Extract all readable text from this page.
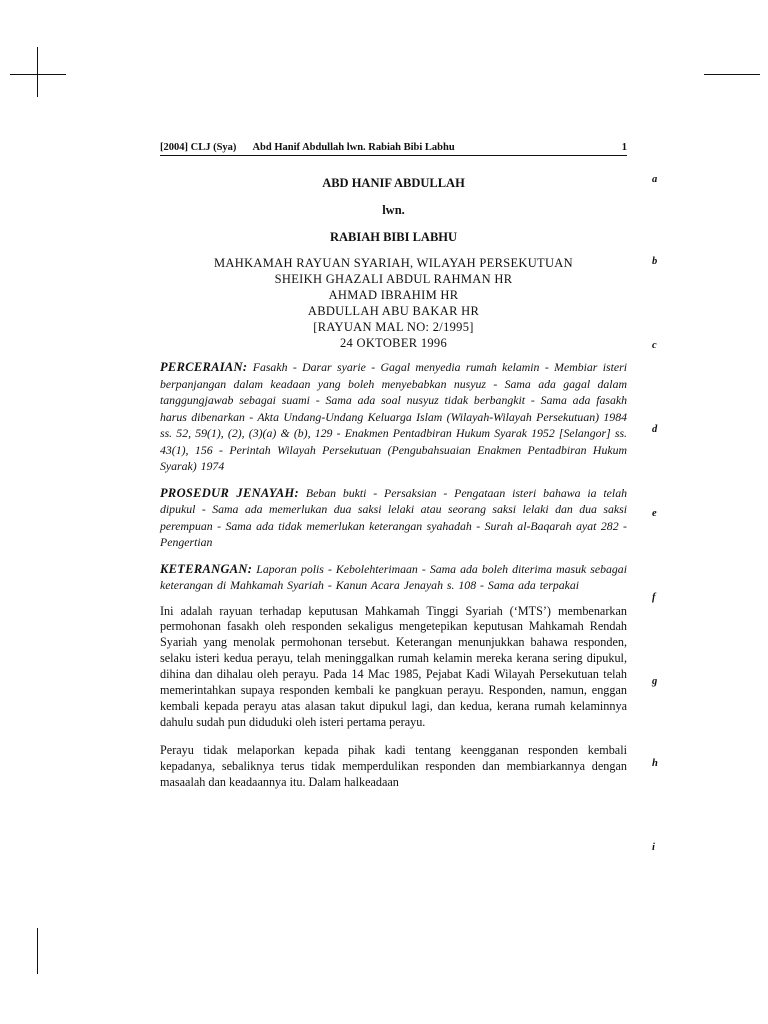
[2004] CLJ (Sya) Abd Hanif Abdullah lwn. Rabiah Bibi Labhu	1
ABD HANIF ABDULLAH
lwn.
RABIAH BIBI LABHU
MAHKAMAH RAYUAN SYARIAH, WILAYAH PERSEKUTUAN
SHEIKH GHAZALI ABDUL RAHMAN HR
AHMAD IBRAHIM HR
ABDULLAH ABU BAKAR HR
[RAYUAN MAL NO: 2/1995]
24 OKTOBER 1996
PERCERAIAN: Fasakh - Darar syarie - Gagal menyedia rumah kelamin - Membiar isteri berpanjangan dalam keadaan yang boleh menyebabkan nusyuz - Sama ada gagal dalam tanggungjawab sebagai suami - Sama ada soal nusyuz tidak berbangkit - Sama ada fasakh harus dibenarkan - Akta Undang-Undang Keluarga Islam (Wilayah-Wilayah Persekutuan) 1984 ss. 52, 59(1), (2), (3)(a) & (b), 129 - Enakmen Pentadbiran Hukum Syarak 1952 [Selangor] ss. 43(1), 156 - Perintah Wilayah Persekutuan (Pengubahsuaian Enakmen Pentadbiran Hukum Syarak) 1974
PROSEDUR JENAYAH: Beban bukti - Persaksian - Pengataan isteri bahawa ia telah dipukul - Sama ada memerlukan dua saksi lelaki atau seorang saksi lelaki dan dua saksi perempuan - Sama ada tidak memerlukan keterangan syahadah - Surah al-Baqarah ayat 282 - Pengertian
KETERANGAN: Laporan polis - Kebolehterimaan - Sama ada boleh diterima masuk sebagai keterangan di Mahkamah Syariah - Kanun Acara Jenayah s. 108 - Sama ada terpakai

Ini adalah rayuan terhadap keputusan Mahkamah Tinggi Syariah (‘MTS’) membenarkan permohonan fasakh oleh responden sekaligus mengetepikan keputusan Mahkamah Rendah Syariah yang menolak permohonan tersebut. Keterangan menunjukkan bahawa responden, selaku isteri kedua perayu, telah meninggalkan rumah kelamin mereka kerana sering dipukul, dihina dan dihalau oleh perayu. Pada 14 Mac 1985, Pejabat Kadi Wilayah Persekutuan telah memerintahkan supaya responden kembali ke pangkuan perayu. Responden, namun, enggan kembali kepada perayu atas alasan takut dipukul lagi, dan kedua, kerana rumah kelaminnya dahulu sudah pun diduduki oleh isteri pertama perayu.

Perayu tidak melaporkan kepada pihak kadi tentang keengganan responden kembali kepadanya, sebaliknya terus tidak memperdulikan responden dan membiarkannya dengan masaalah dan keadaannya itu. Dalam halkeadaan

a
b
c
d
e
f
g
h
i
